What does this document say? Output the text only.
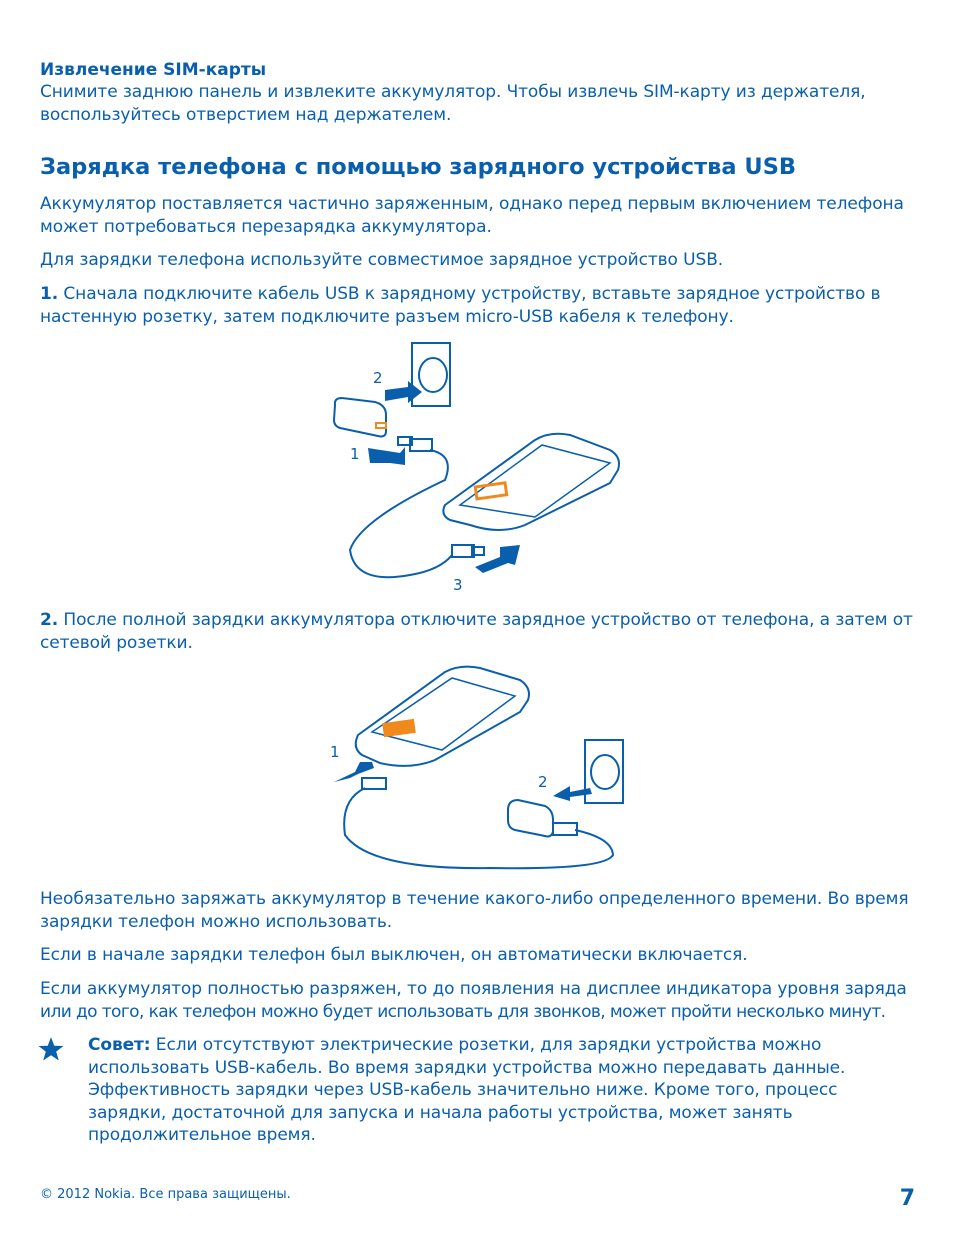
Извлечение SIM-карты
Снимите заднюю панель и извлеките аккумулятор. Чтобы извлечь SIM-карту из держателя,
воспользуйтесь отверстием над держателем.
Зарядка телефона с помощью зарядного устройства USB
Аккумулятор поставляется частично заряженным, однако перед первым включением телефона
может потребоваться перезарядка аккумулятора.
Для зарядки телефона используйте совместимое зарядное устройство USB.
1. Сначала подключите кабель USB к зарядному устройству, вставьте зарядное устройство в
настенную розетку, затем подключите разъем micro-USB кабеля к телефону.
2
1
3
2. После полной зарядки аккумулятора отключите зарядное устройство от телефона, а затем от
сетевой розетки.
1
2
Необязательно заряжать аккумулятор в течение какого-либо определенного времени. Во время
зарядки телефон можно использовать.
Если в начале зарядки телефон был выключен, он автоматически включается.
Если аккумулятор полностью разряжен, то до появления на дисплее индикатора уровня заряда
или до того, как телефон можно будет использовать для звонков, может пройти несколько минут.
Совет: Если отсутствуют электрические розетки, для зарядки устройства можно
использовать USB-кабель. Во время зарядки устройства можно передавать данные.
Эффективность зарядки через USB-кабель значительно ниже. Кроме того, процесс
зарядки, достаточной для запуска и начала работы устройства, может занять
продолжительное время.
© 2012 Nokia. Все права защищены.	7
